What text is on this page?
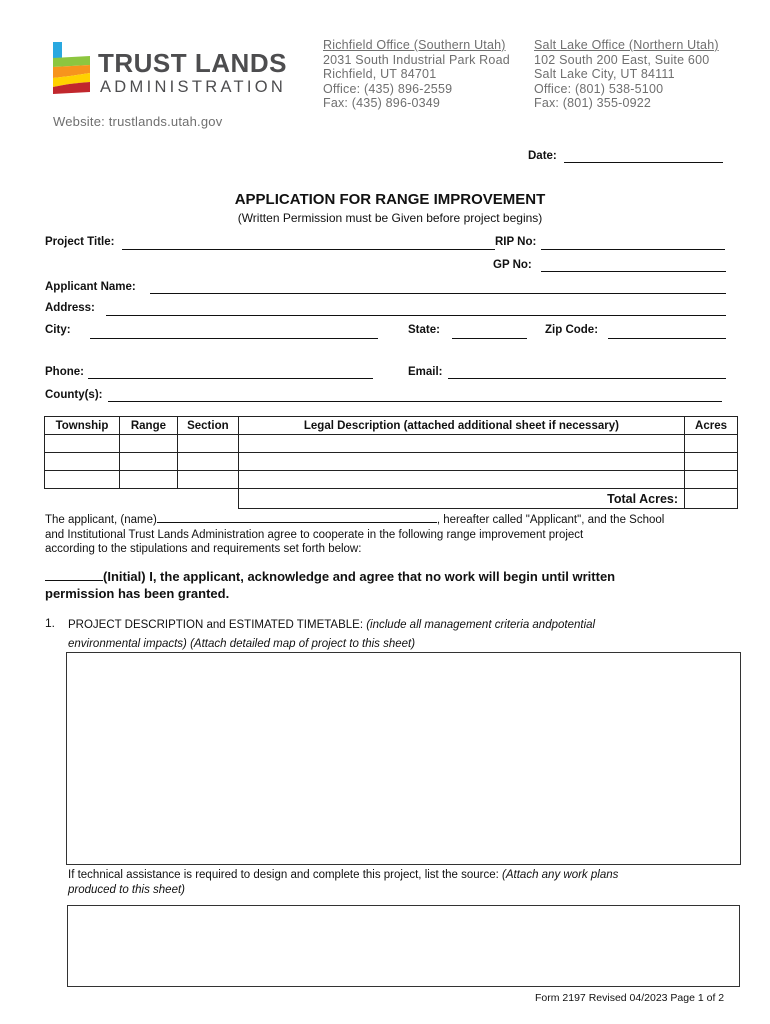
TRUST LANDS
ADMINISTRATION
Website: trustlands.utah.gov
Richfield Office (Southern Utah)
2031 South Industrial Park Road
Richfield, UT 84701
Office: (435) 896-2559
Fax: (435) 896-0349
Salt Lake Office (Northern Utah)
102 South 200 East, Suite 600
Salt Lake City, UT 84111
Office: (801) 538-5100
Fax: (801) 355-0922
Date:
APPLICATION FOR RANGE IMPROVEMENT
(Written Permission must be Given before project begins)
Project Title:	RIP No:
GP No:
Applicant Name:
Address:
City:	State:	Zip Code:
Phone:	Email:
County(s):
Township	Range	Section	Legal Description (attached additional sheet if necessary)	Acres

			Total Acres:	
The applicant, (name)	, hereafter called "Applicant", and the School
and Institutional Trust Lands Administration agree to cooperate in the following range improvement project
according to the stipulations and requirements set forth below:
(Initial) I, the applicant, acknowledge and agree that no work will begin until written
permission has been granted.
1. PROJECT DESCRIPTION and ESTIMATED TIMETABLE: (include all management criteria andpotential
environmental impacts) (Attach detailed map of project to this sheet)
If technical assistance is required to design and complete this project, list the source: (Attach any work plans
produced to this sheet)
Form 2197 Revised 04/2023 Page 1 of 2
